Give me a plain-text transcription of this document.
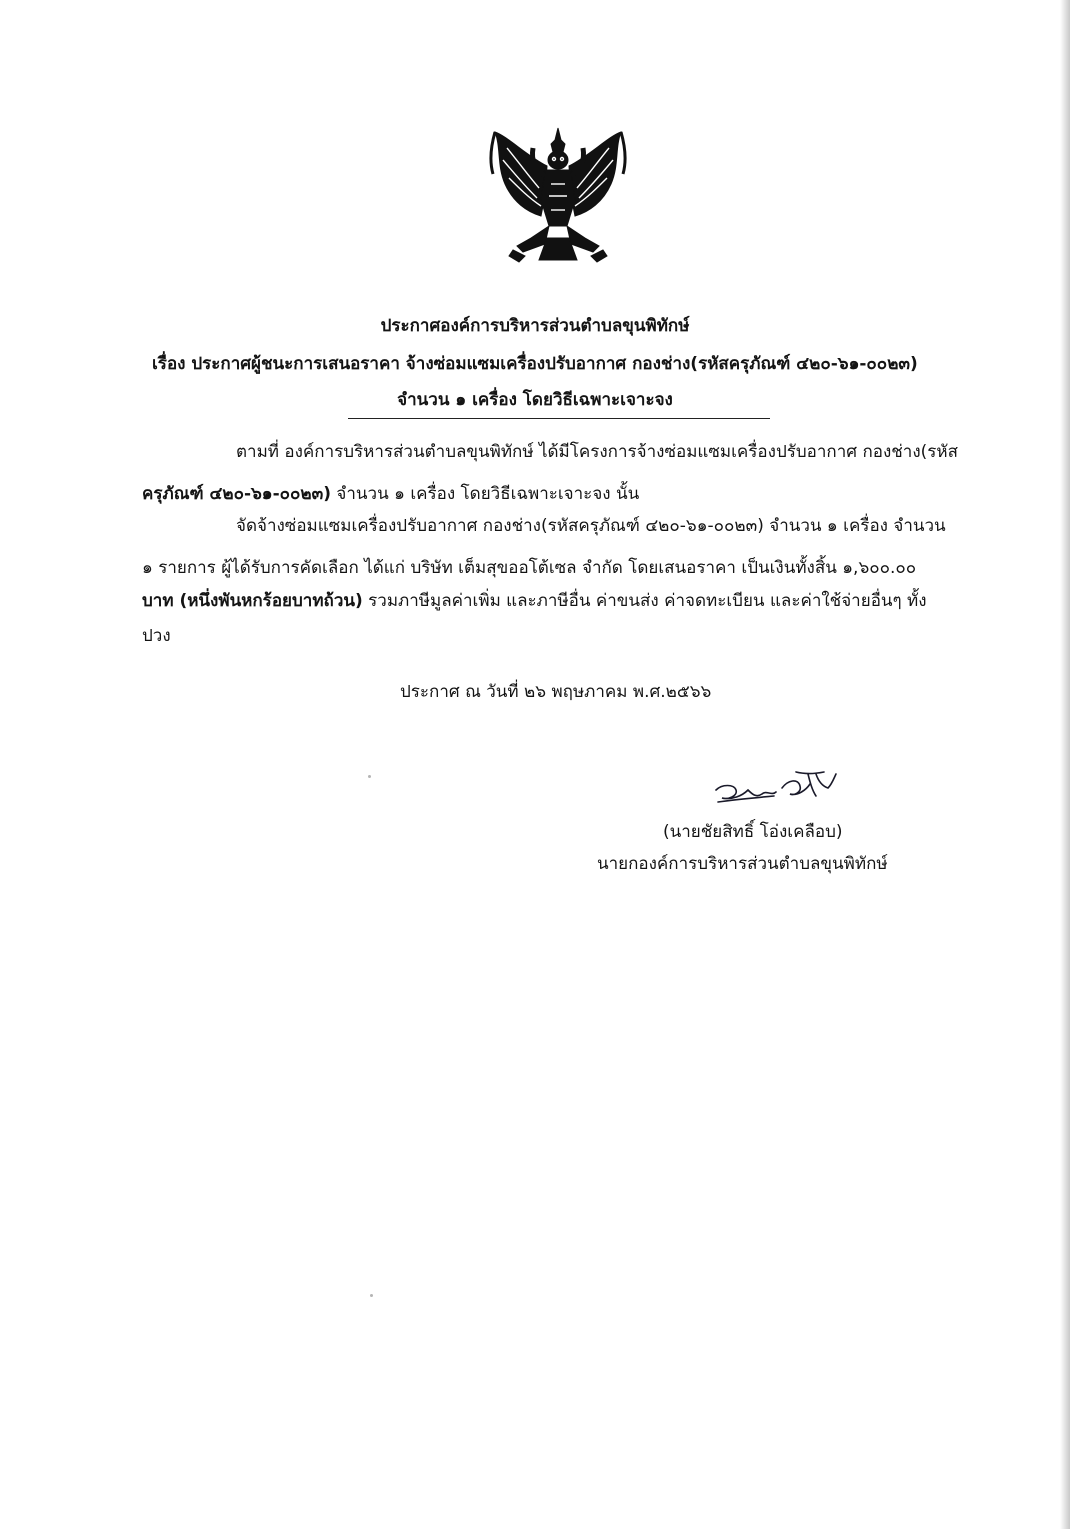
ประกาศองค์การบริหารส่วนตำบลขุนพิทักษ์
เรื่อง ประกาศผู้ชนะการเสนอราคา จ้างซ่อมแซมเครื่องปรับอากาศ กองช่าง(รหัสครุภัณฑ์ ๔๒๐-๖๑-๐๐๒๓)
จำนวน ๑ เครื่อง โดยวิธีเฉพาะเจาะจง
ตามที่ องค์การบริหารส่วนตำบลขุนพิทักษ์ ได้มีโครงการจ้างซ่อมแซมเครื่องปรับอากาศ กองช่าง(รหัส
ครุภัณฑ์ ๔๒๐-๖๑-๐๐๒๓) จำนวน ๑ เครื่อง โดยวิธีเฉพาะเจาะจง นั้น
จัดจ้างซ่อมแซมเครื่องปรับอากาศ กองช่าง(รหัสครุภัณฑ์ ๔๒๐-๖๑-๐๐๒๓) จำนวน ๑ เครื่อง จำนวน
๑ รายการ ผู้ได้รับการคัดเลือก ได้แก่ บริษัท เต็มสุขออโต้เซล จำกัด โดยเสนอราคา เป็นเงินทั้งสิ้น ๑,๖๐๐.๐๐
บาท (หนึ่งพันหกร้อยบาทถ้วน) รวมภาษีมูลค่าเพิ่ม และภาษีอื่น ค่าขนส่ง ค่าจดทะเบียน และค่าใช้จ่ายอื่นๆ ทั้ง
ปวง
ประกาศ ณ วันที่ ๒๖ พฤษภาคม พ.ศ.๒๕๖๖
(นายชัยสิทธิ์ โอ่งเคลือบ)
นายกองค์การบริหารส่วนตำบลขุนพิทักษ์
